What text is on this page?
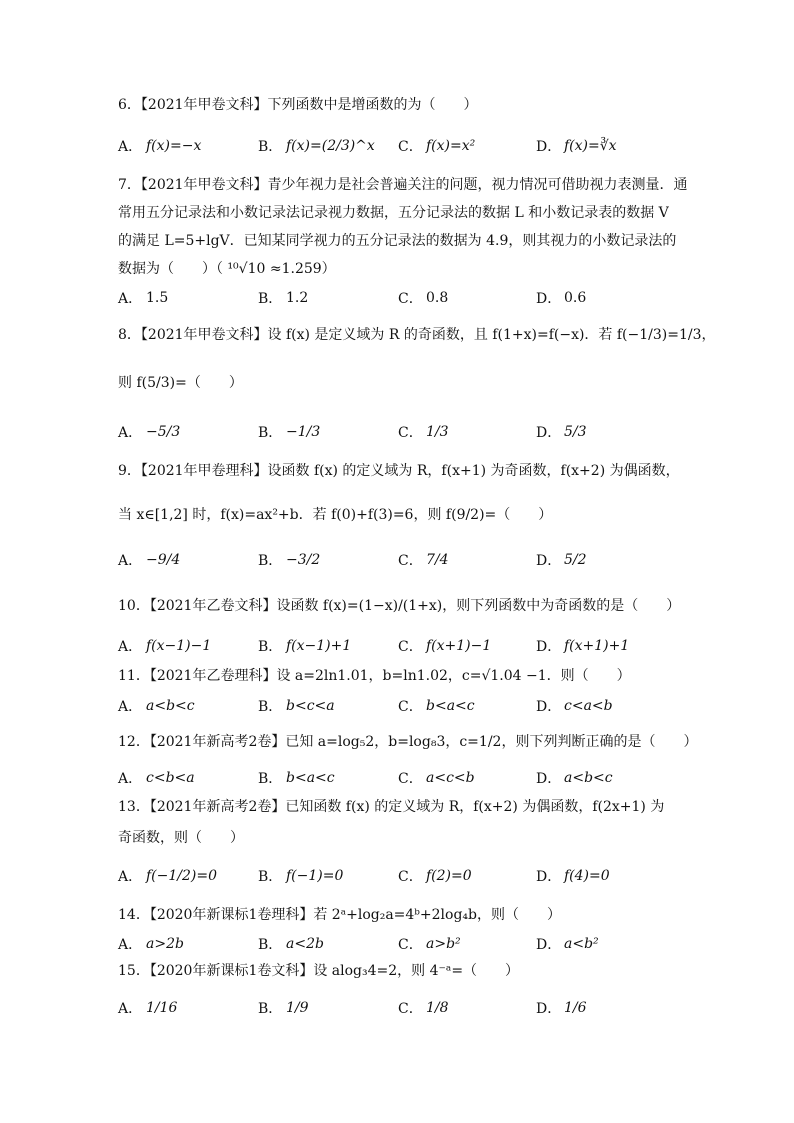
6．【2021年甲卷文科】下列函数中是增函数的为（　　）
A． f(x)=−x	B． f(x)=(2/3)^x C． f(x)=x²	D． f(x)=∛x
7．【2021年甲卷文科】青少年视力是社会普遍关注的问题，视力情况可借助视力表测量．通
常用五分记录法和小数记录法记录视力数据，五分记录法的数据 L 和小数记录表的数据 V
的满足 L=5+lgV．已知某同学视力的五分记录法的数据为 4.9，则其视力的小数记录法的
数据为（　　）（ ¹⁰√10 ≈1.259）
A． 1.5	B． 1.2	C． 0.8	D． 0.6
8．【2021年甲卷文科】设 f(x) 是定义域为 R 的奇函数，且 f(1+x)=f(−x)．若 f(−1/3)=1/3，
则 f(5/3)=（　　）
A． −5/3	B． −1/3	C． 1/3	D． 5/3
9．【2021年甲卷理科】设函数 f(x) 的定义域为 R，f(x+1) 为奇函数，f(x+2) 为偶函数，
当 x∈[1,2] 时，f(x)=ax²+b．若 f(0)+f(3)=6，则 f(9/2)=（　　）
A． −9/4	B． −3/2	C． 7/4	D． 5/2
10．【2021年乙卷文科】设函数 f(x)=(1−x)/(1+x)，则下列函数中为奇函数的是（　　）
A． f(x−1)−1	B． f(x−1)+1	C． f(x+1)−1	D． f(x+1)+1
11．【2021年乙卷理科】设 a=2ln1.01，b=ln1.02，c=√1.04 −1．则（　　）
A． a<b<c	B． b<c<a	C． b<a<c	D． c<a<b
12．【2021年新高考2卷】已知 a=log₅2，b=log₈3，c=1/2，则下列判断正确的是（　　）
A． c<b<a	B． b<a<c	C． a<c<b	D． a<b<c
13．【2021年新高考2卷】已知函数 f(x) 的定义域为 R，f(x+2) 为偶函数，f(2x+1) 为
奇函数，则（　　）
A． f(−1/2)=0	B． f(−1)=0	C． f(2)=0	D． f(4)=0
14．【2020年新课标1卷理科】若 2ᵃ+log₂a=4ᵇ+2log₄b，则（　　）
A． a>2b	B． a<2b	C． a>b²	D． a<b²
15．【2020年新课标1卷文科】设 alog₃4=2，则 4⁻ᵃ=（　　）
A． 1/16	B． 1/9	C． 1/8	D． 1/6
